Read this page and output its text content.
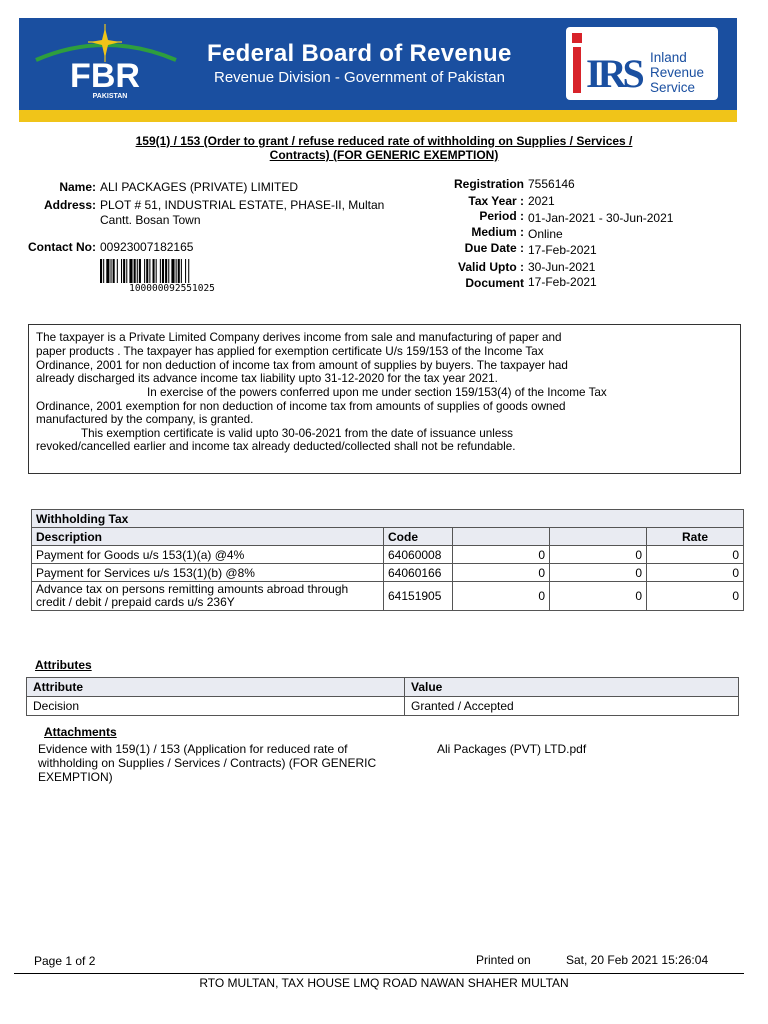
FBR
PAKISTAN
Federal Board of Revenue
Revenue Division - Government of Pakistan IRS Inland
Revenue
Service
159(1) / 153 (Order to grant / refuse reduced rate of withholding on Supplies / Services /
Contracts) (FOR GENERIC EXEMPTION)
Name: ALI PACKAGES (PRIVATE) LIMITED
Address: PLOT # 51, INDUSTRIAL ESTATE, PHASE-II, Multan
Cantt. Bosan Town
Contact No: 00923007182165
100000092551025
Registration 7556146
Tax Year : 2021
Period : 01-Jan-2021 - 30-Jun-2021
Medium : Online
Due Date : 17-Feb-2021
Valid Upto : 30-Jun-2021
Document 17-Feb-2021
The taxpayer is a Private Limited Company derives income from sale and manufacturing of paper and
paper products . The taxpayer has applied for exemption certificate U/s 159/153 of the Income Tax
Ordinance, 2001 for non deduction of income tax from amount of supplies by buyers. The taxpayer had
already discharged its advance income tax liability upto 31-12-2020 for the tax year 2021.
In exercise of the powers conferred upon me under section 159/153(4) of the Income Tax
Ordinance, 2001 exemption for non deduction of income tax from amounts of supplies of goods owned
manufactured by the company, is granted.
This exemption certificate is valid upto 30-06-2021 from the date of issuance unless
revoked/cancelled earlier and income tax already deducted/collected shall not be refundable.
Withholding Tax				
Description	Code			Rate
Payment for Goods u/s 153(1)(a) @4%	64060008	0	0	0
Payment for Services u/s 153(1)(b) @8%	64060166	0	0	0
Advance tax on persons remitting amounts abroad through credit / debit / prepaid cards u/s 236Y	64151905	0	0	0
Attributes
Attribute	Value
Decision	Granted / Accepted
Attachments
Evidence with 159(1) / 153 (Application for reduced rate of withholding on Supplies / Services / Contracts) (FOR GENERIC EXEMPTION)
Ali Packages (PVT) LTD.pdf
Page 1 of 2	Printed on	Sat, 20 Feb 2021 15:26:04
RTO MULTAN, TAX HOUSE LMQ ROAD NAWAN SHAHER MULTAN
